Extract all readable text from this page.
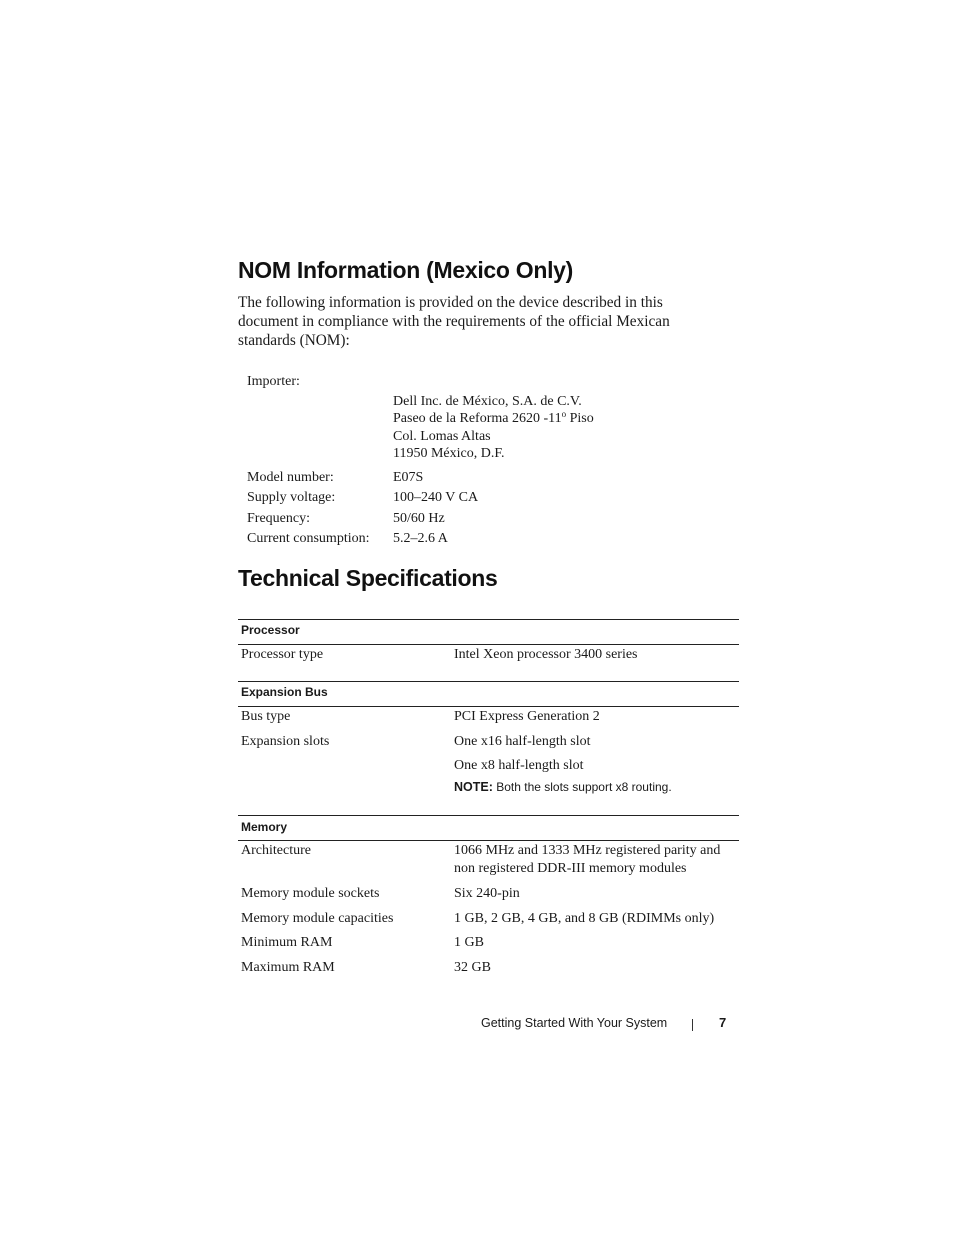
NOM Information (Mexico Only)

The following information is provided on the device described in this document in compliance with the requirements of the official Mexican standards (NOM):

Importer:
Dell Inc. de México, S.A. de C.V.
Paseo de la Reforma 2620 -11$^o$ Piso
Col. Lomas Altas
11950 México, D.F.
Model number:	E07S
Supply voltage:	100–240 V CA
Frequency:	50/60 Hz
Current consumption: 5.2–2.6 A
Technical Specifications
Processor
Processor type	Intel Xeon processor 3400 series
Expansion Bus
Bus type	PCI Express Generation 2
Expansion slots	One x16 half-length slot
One x8 half-length slot
NOTE: Both the slots support x8 routing.
Memory
Architecture	1066 MHz and 1333 MHz registered parity and non registered DDR-III memory modules
Memory module sockets	Six 240-pin
Memory module capacities	1 GB, 2 GB, 4 GB, and 8 GB (RDIMMs only)
Minimum RAM	1 GB
Maximum RAM	32 GB
Getting Started With Your System	7
